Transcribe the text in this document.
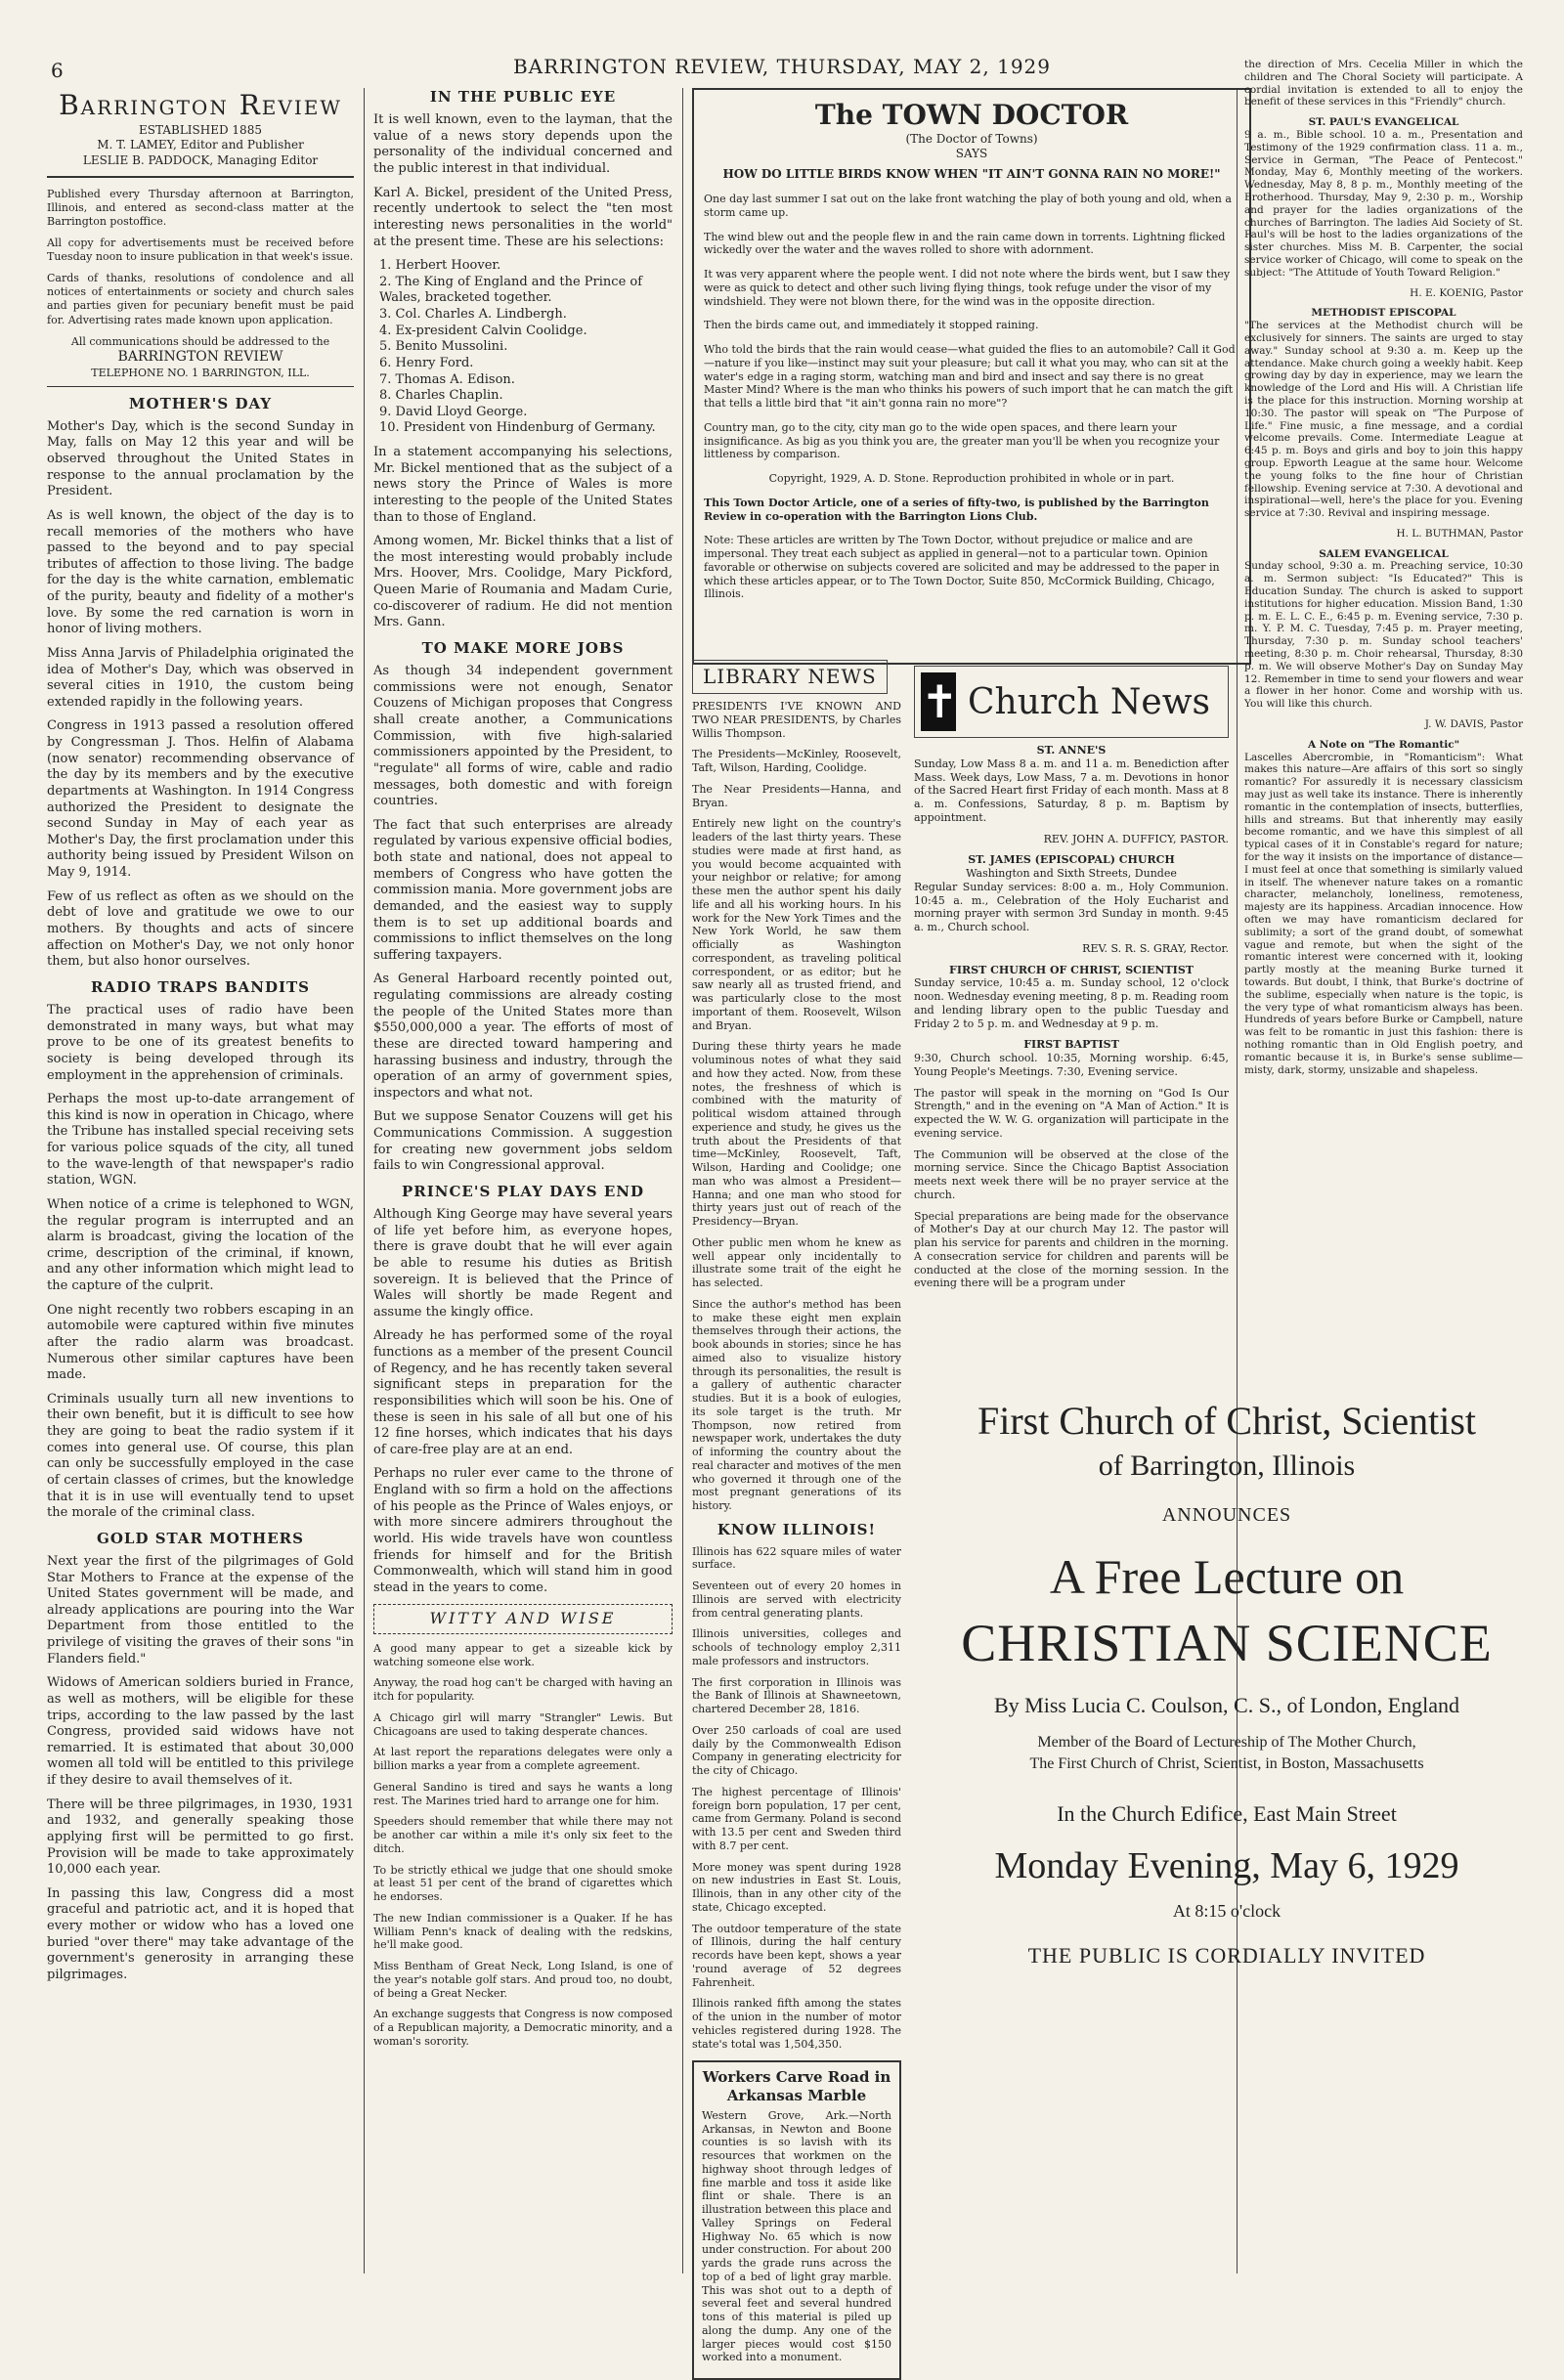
6	BARRINGTON REVIEW, THURSDAY, MAY 2, 1929
Barrington Review
ESTABLISHED 1885
M. T. LAMEY, Editor and Publisher
LESLIE B. PADDOCK, Managing Editor

Published every Thursday afternoon at Barrington, Illinois, and entered as second-class matter at the Barrington postoffice.

All copy for advertisements must be received before Tuesday noon to insure publication in that week's issue.

Cards of thanks, resolutions of condolence and all notices of entertainments or society and church sales and parties given for pecuniary benefit must be paid for. Advertising rates made known upon application.

All communications should be addressed to the

BARRINGTON REVIEW
TELEPHONE NO. 1 BARRINGTON, ILL.
MOTHER'S DAY

Mother's Day, which is the second Sunday in May, falls on May 12 this year and will be observed throughout the United States in response to the annual proclamation by the President.

As is well known, the object of the day is to recall memories of the mothers who have passed to the beyond and to pay special tributes of affection to those living. The badge for the day is the white carnation, emblematic of the purity, beauty and fidelity of a mother's love. By some the red carnation is worn in honor of living mothers.

Miss Anna Jarvis of Philadelphia originated the idea of Mother's Day, which was observed in several cities in 1910, the custom being extended rapidly in the following years.

Congress in 1913 passed a resolution offered by Congressman J. Thos. Helfin of Alabama (now senator) recommending observance of the day by its members and by the executive departments at Washington. In 1914 Congress authorized the President to designate the second Sunday in May of each year as Mother's Day, the first proclamation under this authority being issued by President Wilson on May 9, 1914.

Few of us reflect as often as we should on the debt of love and gratitude we owe to our mothers. By thoughts and acts of sincere affection on Mother's Day, we not only honor them, but also honor ourselves.

RADIO TRAPS BANDITS

The practical uses of radio have been demonstrated in many ways, but what may prove to be one of its greatest benefits to society is being developed through its employment in the apprehension of criminals.

Perhaps the most up-to-date arrangement of this kind is now in operation in Chicago, where the Tribune has installed special receiving sets for various police squads of the city, all tuned to the wave-length of that newspaper's radio station, WGN.

When notice of a crime is telephoned to WGN, the regular program is interrupted and an alarm is broadcast, giving the location of the crime, description of the criminal, if known, and any other information which might lead to the capture of the culprit.

One night recently two robbers escaping in an automobile were captured within five minutes after the radio alarm was broadcast. Numerous other similar captures have been made.

Criminals usually turn all new inventions to their own benefit, but it is difficult to see how they are going to beat the radio system if it comes into general use. Of course, this plan can only be successfully employed in the case of certain classes of crimes, but the knowledge that it is in use will eventually tend to upset the morale of the criminal class.

GOLD STAR MOTHERS

Next year the first of the pilgrimages of Gold Star Mothers to France at the expense of the United States government will be made, and already applications are pouring into the War Department from those entitled to the privilege of visiting the graves of their sons "in Flanders field."

Widows of American soldiers buried in France, as well as mothers, will be eligible for these trips, according to the law passed by the last Congress, provided said widows have not remarried. It is estimated that about 30,000 women all told will be entitled to this privilege if they desire to avail themselves of it.

There will be three pilgrimages, in 1930, 1931 and 1932, and generally speaking those applying first will be permitted to go first. Provision will be made to take approximately 10,000 each year.

In passing this law, Congress did a most graceful and patriotic act, and it is hoped that every mother or widow who has a loved one buried "over there" may take advantage of the government's generosity in arranging these pilgrimages.

IN THE PUBLIC EYE

It is well known, even to the layman, that the value of a news story depends upon the personality of the individual concerned and the public interest in that individual.

Karl A. Bickel, president of the United Press, recently undertook to select the "ten most interesting news personalities in the world" at the present time. These are his selections:

1. Herbert Hoover.
2. The King of England and the Prince of Wales, bracketed together.
3. Col. Charles A. Lindbergh.
4. Ex-president Calvin Coolidge.
5. Benito Mussolini.
6. Henry Ford.
7. Thomas A. Edison.
8. Charles Chaplin.
9. David Lloyd George.
10. President von Hindenburg of Germany.

In a statement accompanying his selections, Mr. Bickel mentioned that as the subject of a news story the Prince of Wales is more interesting to the people of the United States than to those of England.

Among women, Mr. Bickel thinks that a list of the most interesting would probably include Mrs. Hoover, Mrs. Coolidge, Mary Pickford, Queen Marie of Roumania and Madam Curie, co-discoverer of radium. He did not mention Mrs. Gann.

TO MAKE MORE JOBS

As though 34 independent government commissions were not enough, Senator Couzens of Michigan proposes that Congress shall create another, a Communications Commission, with five high-salaried commissioners appointed by the President, to "regulate" all forms of wire, cable and radio messages, both domestic and with foreign countries.

The fact that such enterprises are already regulated by various expensive official bodies, both state and national, does not appeal to members of Congress who have gotten the commission mania. More government jobs are demanded, and the easiest way to supply them is to set up additional boards and commissions to inflict themselves on the long suffering taxpayers.

As General Harboard recently pointed out, regulating commissions are already costing the people of the United States more than $550,000,000 a year. The efforts of most of these are directed toward hampering and harassing business and industry, through the operation of an army of government spies, inspectors and what not.

But we suppose Senator Couzens will get his Communications Commission. A suggestion for creating new government jobs seldom fails to win Congressional approval.

PRINCE'S PLAY DAYS END

Although King George may have several years of life yet before him, as everyone hopes, there is grave doubt that he will ever again be able to resume his duties as British sovereign. It is believed that the Prince of Wales will shortly be made Regent and assume the kingly office.

Already he has performed some of the royal functions as a member of the present Council of Regency, and he has recently taken several significant steps in preparation for the responsibilities which will soon be his. One of these is seen in his sale of all but one of his 12 fine horses, which indicates that his days of care-free play are at an end.

Perhaps no ruler ever came to the throne of England with so firm a hold on the affections of his people as the Prince of Wales enjoys, or with more sincere admirers throughout the world. His wide travels have won countless friends for himself and for the British Commonwealth, which will stand him in good stead in the years to come.

WITTY AND WISE

A good many appear to get a sizeable kick by watching someone else work.

Anyway, the road hog can't be charged with having an itch for popularity.

A Chicago girl will marry "Strangler" Lewis. But Chicagoans are used to taking desperate chances.

At last report the reparations delegates were only a billion marks a year from a complete agreement.

General Sandino is tired and says he wants a long rest. The Marines tried hard to arrange one for him.

Speeders should remember that while there may not be another car within a mile it's only six feet to the ditch.

To be strictly ethical we judge that one should smoke at least 51 per cent of the brand of cigarettes which he endorses.

The new Indian commissioner is a Quaker. If he has William Penn's knack of dealing with the redskins, he'll make good.

Miss Bentham of Great Neck, Long Island, is one of the year's notable golf stars. And proud too, no doubt, of being a Great Necker.

An exchange suggests that Congress is now composed of a Republican majority, a Democratic minority, and a woman's sorority.

The TOWN DOCTOR
(The Doctor of Towns)
SAYS
HOW DO LITTLE BIRDS KNOW WHEN "IT AIN'T GONNA RAIN NO MORE!"

One day last summer I sat out on the lake front watching the play of both young and old, when a storm came up.

The wind blew out and the people flew in and the rain came down in torrents. Lightning flicked wickedly over the water and the waves rolled to shore with adornment.

It was very apparent where the people went. I did not note where the birds went, but I saw they were as quick to detect and other such living flying things, took refuge under the visor of my windshield. They were not blown there, for the wind was in the opposite direction.

Then the birds came out, and immediately it stopped raining.

Who told the birds that the rain would cease—what guided the flies to an automobile? Call it God—nature if you like—instinct may suit your pleasure; but call it what you may, who can sit at the water's edge in a raging storm, watching man and bird and insect and say there is no great Master Mind? Where is the man who thinks his powers of such import that he can match the gift that tells a little bird that "it ain't gonna rain no more"?

Country man, go to the city, city man go to the wide open spaces, and there learn your insignificance. As big as you think you are, the greater man you'll be when you recognize your littleness by comparison.

Copyright, 1929, A. D. Stone. Reproduction prohibited in whole or in part.

This Town Doctor Article, one of a series of fifty-two, is published by the Barrington Review in co-operation with the Barrington Lions Club.

Note: These articles are written by The Town Doctor, without prejudice or malice and are impersonal. They treat each subject as applied in general—not to a particular town. Opinion favorable or otherwise on subjects covered are solicited and may be addressed to the paper in which these articles appear, or to The Town Doctor, Suite 850, McCormick Building, Chicago, Illinois.

LIBRARY NEWS

PRESIDENTS I'VE KNOWN AND TWO NEAR PRESIDENTS, by Charles Willis Thompson.

The Presidents—McKinley, Roosevelt, Taft, Wilson, Harding, Coolidge.

The Near Presidents—Hanna, and Bryan.

Entirely new light on the country's leaders of the last thirty years. These studies were made at first hand, as you would become acquainted with your neighbor or relative; for among these men the author spent his daily life and all his working hours. In his work for the New York Times and the New York World, he saw them officially as Washington correspondent, as traveling political correspondent, or as editor; but he saw nearly all as trusted friend, and was particularly close to the most important of them. Roosevelt, Wilson and Bryan.

During these thirty years he made voluminous notes of what they said and how they acted. Now, from these notes, the freshness of which is combined with the maturity of political wisdom attained through experience and study, he gives us the truth about the Presidents of that time—McKinley, Roosevelt, Taft, Wilson, Harding and Coolidge; one man who was almost a President—Hanna; and one man who stood for thirty years just out of reach of the Presidency—Bryan.

Other public men whom he knew as well appear only incidentally to illustrate some trait of the eight he has selected.

Since the author's method has been to make these eight men explain themselves through their actions, the book abounds in stories; since he has aimed also to visualize history through its personalities, the result is a gallery of authentic character studies. But it is a book of eulogies, its sole target is the truth. Mr Thompson, now retired from newspaper work, undertakes the duty of informing the country about the real character and motives of the men who governed it through one of the most pregnant generations of its history.

KNOW ILLINOIS!

Illinois has 622 square miles of water surface.

Seventeen out of every 20 homes in Illinois are served with electricity from central generating plants.

Illinois universities, colleges and schools of technology employ 2,311 male professors and instructors.

The first corporation in Illinois was the Bank of Illinois at Shawneetown, chartered December 28, 1816.

Over 250 carloads of coal are used daily by the Commonwealth Edison Company in generating electricity for the city of Chicago.

The highest percentage of Illinois' foreign born population, 17 per cent, came from Germany. Poland is second with 13.5 per cent and Sweden third with 8.7 per cent.

More money was spent during 1928 on new industries in East St. Louis, Illinois, than in any other city of the state, Chicago excepted.

The outdoor temperature of the state of Illinois, during the half century records have been kept, shows a year 'round average of 52 degrees Fahrenheit.

Illinois ranked fifth among the states of the union in the number of motor vehicles registered during 1928. The state's total was 1,504,350.

Workers Carve Road in Arkansas Marble

Western Grove, Ark.—North Arkansas, in Newton and Boone counties is so lavish with its resources that workmen on the highway shoot through ledges of fine marble and toss it aside like flint or shale. There is an illustration between this place and Valley Springs on Federal Highway No. 65 which is now under construction. For about 200 yards the grade runs across the top of a bed of light gray marble. This was shot out to a depth of several feet and several hundred tons of this material is piled up along the dump. Any one of the larger pieces would cost $150 worked into a monument.

✝ Church News
ST. ANNE'S

Sunday, Low Mass 8 a. m. and 11 a. m. Benediction after Mass. Week days, Low Mass, 7 a. m. Devotions in honor of the Sacred Heart first Friday of each month. Mass at 8 a. m. Confessions, Saturday, 8 p. m. Baptism by appointment.

REV. JOHN A. DUFFICY, PASTOR.

ST. JAMES (EPISCOPAL) CHURCH
Washington and Sixth Streets, Dundee

Regular Sunday services: 8:00 a. m., Holy Communion. 10:45 a. m., Celebration of the Holy Eucharist and morning prayer with sermon 3rd Sunday in month. 9:45 a. m., Church school.

REV. S. R. S. GRAY, Rector.

FIRST CHURCH OF CHRIST, SCIENTIST

Sunday service, 10:45 a. m. Sunday school, 12 o'clock noon. Wednesday evening meeting, 8 p. m. Reading room and lending library open to the public Tuesday and Friday 2 to 5 p. m. and Wednesday at 9 p. m.

FIRST BAPTIST

9:30, Church school. 10:35, Morning worship. 6:45, Young People's Meetings. 7:30, Evening service.

The pastor will speak in the morning on "God Is Our Strength," and in the evening on "A Man of Action." It is expected the W. W. G. organization will participate in the evening service.

The Communion will be observed at the close of the morning service. Since the Chicago Baptist Association meets next week there will be no prayer service at the church.

Special preparations are being made for the observance of Mother's Day at our church May 12. The pastor will plan his service for parents and children in the morning. A consecration service for children and parents will be conducted at the close of the morning session. In the evening there will be a program under

the direction of Mrs. Cecelia Miller in which the children and The Choral Society will participate. A cordial invitation is extended to all to enjoy the benefit of these services in this "Friendly" church.

ST. PAUL'S EVANGELICAL

9 a. m., Bible school. 10 a. m., Presentation and Testimony of the 1929 confirmation class. 11 a. m., Service in German, "The Peace of Pentecost." Monday, May 6, Monthly meeting of the workers. Wednesday, May 8, 8 p. m., Monthly meeting of the Brotherhood. Thursday, May 9, 2:30 p. m., Worship and prayer for the ladies organizations of the churches of Barrington. The ladies Aid Society of St. Paul's will be host to the ladies organizations of the sister churches. Miss M. B. Carpenter, the social service worker of Chicago, will come to speak on the subject: "The Attitude of Youth Toward Religion."

H. E. KOENIG, Pastor

METHODIST EPISCOPAL

"The services at the Methodist church will be exclusively for sinners. The saints are urged to stay away." Sunday school at 9:30 a. m. Keep up the attendance. Make church going a weekly habit. Keep growing day by day in experience, may we learn the knowledge of the Lord and His will. A Christian life is the place for this instruction. Morning worship at 10:30. The pastor will speak on "The Purpose of Life." Fine music, a fine message, and a cordial welcome prevails. Come. Intermediate League at 6:45 p. m. Boys and girls and boy to join this happy group. Epworth League at the same hour. Welcome the young folks to the fine hour of Christian fellowship. Evening service at 7:30. A devotional and inspirational—well, here's the place for you. Evening service at 7:30. Revival and inspiring message.

H. L. BUTHMAN, Pastor

SALEM EVANGELICAL

Sunday school, 9:30 a. m. Preaching service, 10:30 a. m. Sermon subject: "Is Educated?" This is Education Sunday. The church is asked to support institutions for higher education. Mission Band, 1:30 p. m. E. L. C. E., 6:45 p. m. Evening service, 7:30 p. m. Y. P. M. C. Tuesday, 7:45 p. m. Prayer meeting, Thursday, 7:30 p. m. Sunday school teachers' meeting, 8:30 p. m. Choir rehearsal, Thursday, 8:30 p. m. We will observe Mother's Day on Sunday May 12. Remember in time to send your flowers and wear a flower in her honor. Come and worship with us. You will like this church.

J. W. DAVIS, Pastor

A Note on "The Romantic"

Lascelles Abercrombie, in "Romanticism": What makes this nature—Are affairs of this sort so singly romantic? For assuredly it is necessary classicism may just as well take its instance. There is inherently romantic in the contemplation of insects, butterflies, hills and streams. But that inherently may easily become romantic, and we have this simplest of all typical cases of it in Constable's regard for nature; for the way it insists on the importance of distance—I must feel at once that something is similarly valued in itself. The whenever nature takes on a romantic character, melancholy, loneliness, remoteness, majesty are its happiness. Arcadian innocence. How often we may have romanticism declared for sublimity; a sort of the grand doubt, of somewhat vague and remote, but when the sight of the romantic interest were concerned with it, looking partly mostly at the meaning Burke turned it towards. But doubt, I think, that Burke's doctrine of the sublime, especially when nature is the topic, is the very type of what romanticism always has been. Hundreds of years before Burke or Campbell, nature was felt to be romantic in just this fashion: there is nothing romantic than in Old English poetry, and romantic because it is, in Burke's sense sublime—misty, dark, stormy, unsizable and shapeless.

First Church of Christ, Scientist
of Barrington, Illinois
ANNOUNCES
A Free Lecture on
CHRISTIAN SCIENCE
By Miss Lucia C. Coulson, C. S., of London, England
Member of the Board of Lectureship of The Mother Church,
The First Church of Christ, Scientist, in Boston, Massachusetts
In the Church Edifice, East Main Street
Monday Evening, May 6, 1929
At 8:15 o'clock
THE PUBLIC IS CORDIALLY INVITED
